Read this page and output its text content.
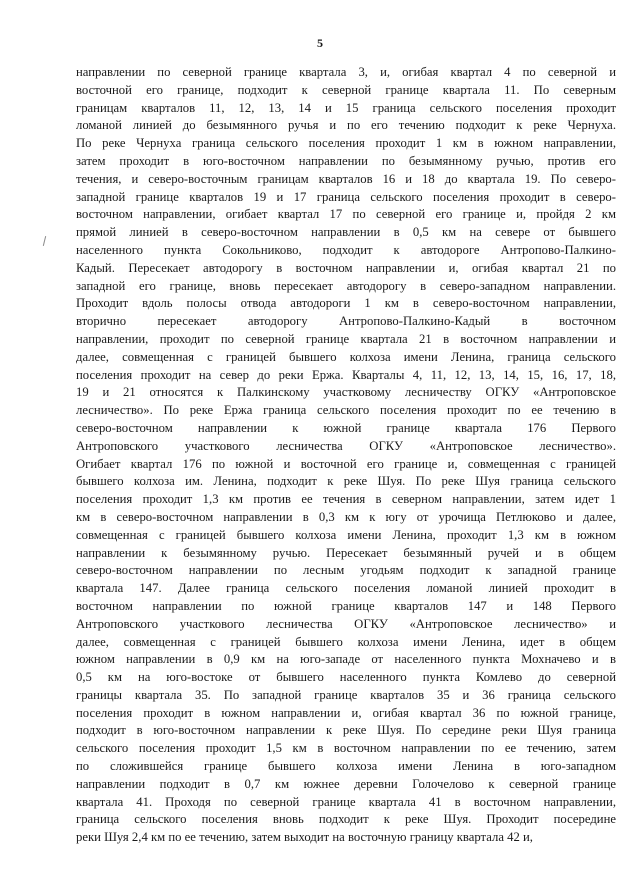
5
направлении по северной границе квартала 3, и, огибая квартал 4 по северной и
восточной его границе, подходит к северной границе квартала 11. По северным
границам кварталов 11, 12, 13, 14 и 15 граница сельского поселения проходит
ломаной линией до безымянного ручья и по его течению подходит к реке Чернуха.
По реке Чернуха граница сельского поселения проходит 1 км в южном направлении,
затем проходит в юго-восточном направлении по безымянному ручью, против его
течения, и северо-восточным границам кварталов 16 и 18 до квартала 19. По северо-
западной границе кварталов 19 и 17 граница сельского поселения проходит в северо-
восточном направлении, огибает квартал 17 по северной его границе и, пройдя 2 км
прямой линией в северо-восточном направлении в 0,5 км на севере от бывшего
населенного пункта Сокольниково, подходит к автодороге Антропово-Палкино-
Кадый. Пересекает автодорогу в восточном направлении и, огибая квартал 21 по
западной его границе, вновь пересекает автодорогу в северо-западном направлении.
Проходит вдоль полосы отвода автодороги 1 км в северо-восточном направлении,
вторично пересекает автодорогу Антропово-Палкино-Кадый в восточном
направлении, проходит по северной границе квартала 21 в восточном направлении и
далее, совмещенная с границей бывшего колхоза имени Ленина, граница сельского
поселения проходит на север до реки Ержа. Кварталы 4, 11, 12, 13, 14, 15, 16, 17, 18,
19 и 21 относятся к Палкинскому участковому лесничеству ОГКУ «Антроповское
лесничество». По реке Ержа граница сельского поселения проходит по ее течению в
северо-восточном направлении к южной границе квартала 176 Первого
Антроповского участкового лесничества ОГКУ «Антроповское лесничество».
Огибает квартал 176 по южной и восточной его границе и, совмещенная с границей
бывшего колхоза им. Ленина, подходит к реке Шуя. По реке Шуя граница сельского
поселения проходит 1,3 км против ее течения в северном направлении, затем идет 1
км в северо-восточном направлении в 0,3 км к югу от урочища Петлюково и далее,
совмещенная с границей бывшего колхоза имени Ленина, проходит 1,3 км в южном
направлении к безымянному ручью. Пересекает безымянный ручей и в общем
северо-восточном направлении по лесным угодьям подходит к западной границе
квартала 147. Далее граница сельского поселения ломаной линией проходит в
восточном направлении по южной границе кварталов 147 и 148 Первого
Антроповского участкового лесничества ОГКУ «Антроповское лесничество» и
далее, совмещенная с границей бывшего колхоза имени Ленина, идет в общем
южном направлении в 0,9 км на юго-западе от населенного пункта Мохначево и в
0,5 км на юго-востоке от бывшего населенного пункта Комлево до северной
границы квартала 35. По западной границе кварталов 35 и 36 граница сельского
поселения проходит в южном направлении и, огибая квартал 36 по южной границе,
подходит в юго-восточном направлении к реке Шуя. По середине реки Шуя граница
сельского поселения проходит 1,5 км в восточном направлении по ее течению, затем
по сложившейся границе бывшего колхоза имени Ленина в юго-западном
направлении подходит в 0,7 км южнее деревни Голочелово к северной границе
квартала 41. Проходя по северной границе квартала 41 в восточном направлении,
граница сельского поселения вновь подходит к реке Шуя. Проходит посередине
реки Шуя 2,4 км по ее течению, затем выходит на восточную границу квартала 42 и,
